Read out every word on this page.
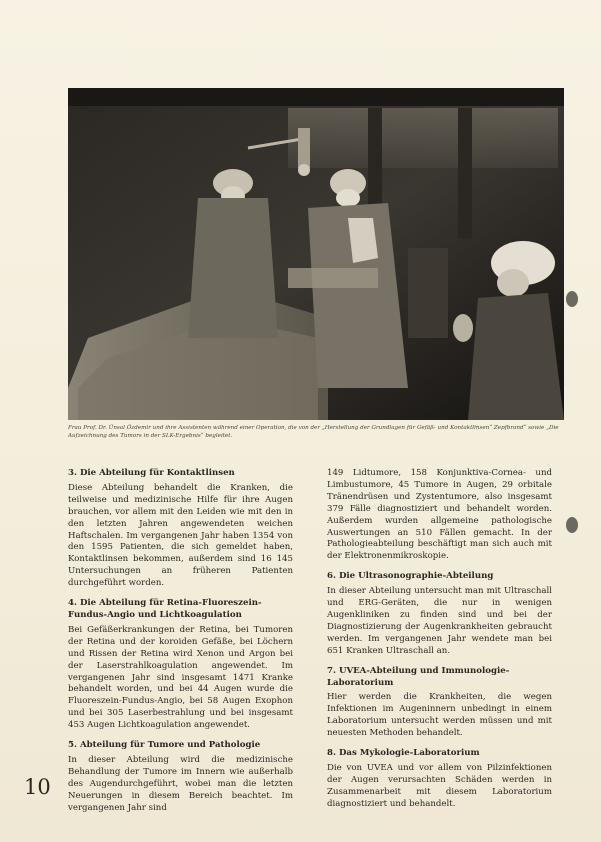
Frau Prof. Dr. Ünsal Özdemir und ihre Assistenten während einer Operation, die von der „Herstellung der Grundlagen für Gefäß- und Kontaktlinsen“ Zepfbrand“ sowie „Die Aufzeichnung des Tumors in der SLK-Ergebnis“ begleitet.
3. Die Abteilung für Kontaktlinsen

Diese Abteilung behandelt die Kranken, die teilweise und medizinische Hilfe für ihre Augen brauchen, vor allem mit den Leiden wie mit den in den letzten Jahren angewendeten weichen Haftschalen. Im vergangenen Jahr haben 1354 von den 1595 Patienten, die sich gemeldet haben, Kontaktlinsen bekommen, außerdem sind 16 145 Untersuchungen an früheren Patienten durchgeführt worden.

4. Die Abteilung für Retina-Fluoreszein-Fundus-Angio und Lichtkoagulation

Bei Gefäßerkrankungen der Retina, bei Tumoren der Retina und der koroiden Gefäße, bei Löchern und Rissen der Retina wird Xenon und Argon bei der Laserstrahlkoagulation angewendet. Im vergangenen Jahr sind insgesamt 1471 Kranke behandelt worden, und bei 44 Augen wurde die Fluoreszein-Fundus-Angio, bei 58 Augen Exophon und bei 305 Laserbestrahlung und bei insgesamt 453 Augen Lichtkoagulation angewendet.

5. Abteilung für Tumore und Pathologie

In dieser Abteilung wird die medizinische Behandlung der Tumore im Innern wie außerhalb des Augendurchgeführt, wobei man die letzten Neuerungen in diesem Bereich beachtet. Im vergangenen Jahr sind

149 Lidtumore, 158 Konjunktiva-Cornea- und Limbustumore, 45 Tumore in Augen, 29 orbitale Tränendrüsen und Zystentumore, also insgesamt 379 Fälle diagnostiziert und behandelt worden. Außerdem wurden allgemeine pathologische Auswertungen an 510 Fällen gemacht. In der Pathologieabteilung beschäftigt man sich auch mit der Elektronenmikroskopie.

6. Die Ultrasonographie-Abteilung

In dieser Abteilung untersucht man mit Ultraschall und ERG-Geräten, die nur in wenigen Augenkliniken zu finden sind und bei der Diagnostizierung der Augenkrankheiten gebraucht werden. Im vergangenen Jahr wendete man bei 651 Kranken Ultraschall an.

7. UVEA-Abteilung und Immunologie-Laboratorium

Hier werden die Krankheiten, die wegen Infektionen im Augeninnern unbedingt in einem Laboratorium untersucht werden müssen und mit neuesten Methoden behandelt.

8. Das Mykologie-Laboratorium

Die von UVEA und vor allem von Pilzinfektionen der Augen verursachten Schäden werden in Zusammenarbeit mit diesem Laboratorium diagnostiziert und behandelt.

10
